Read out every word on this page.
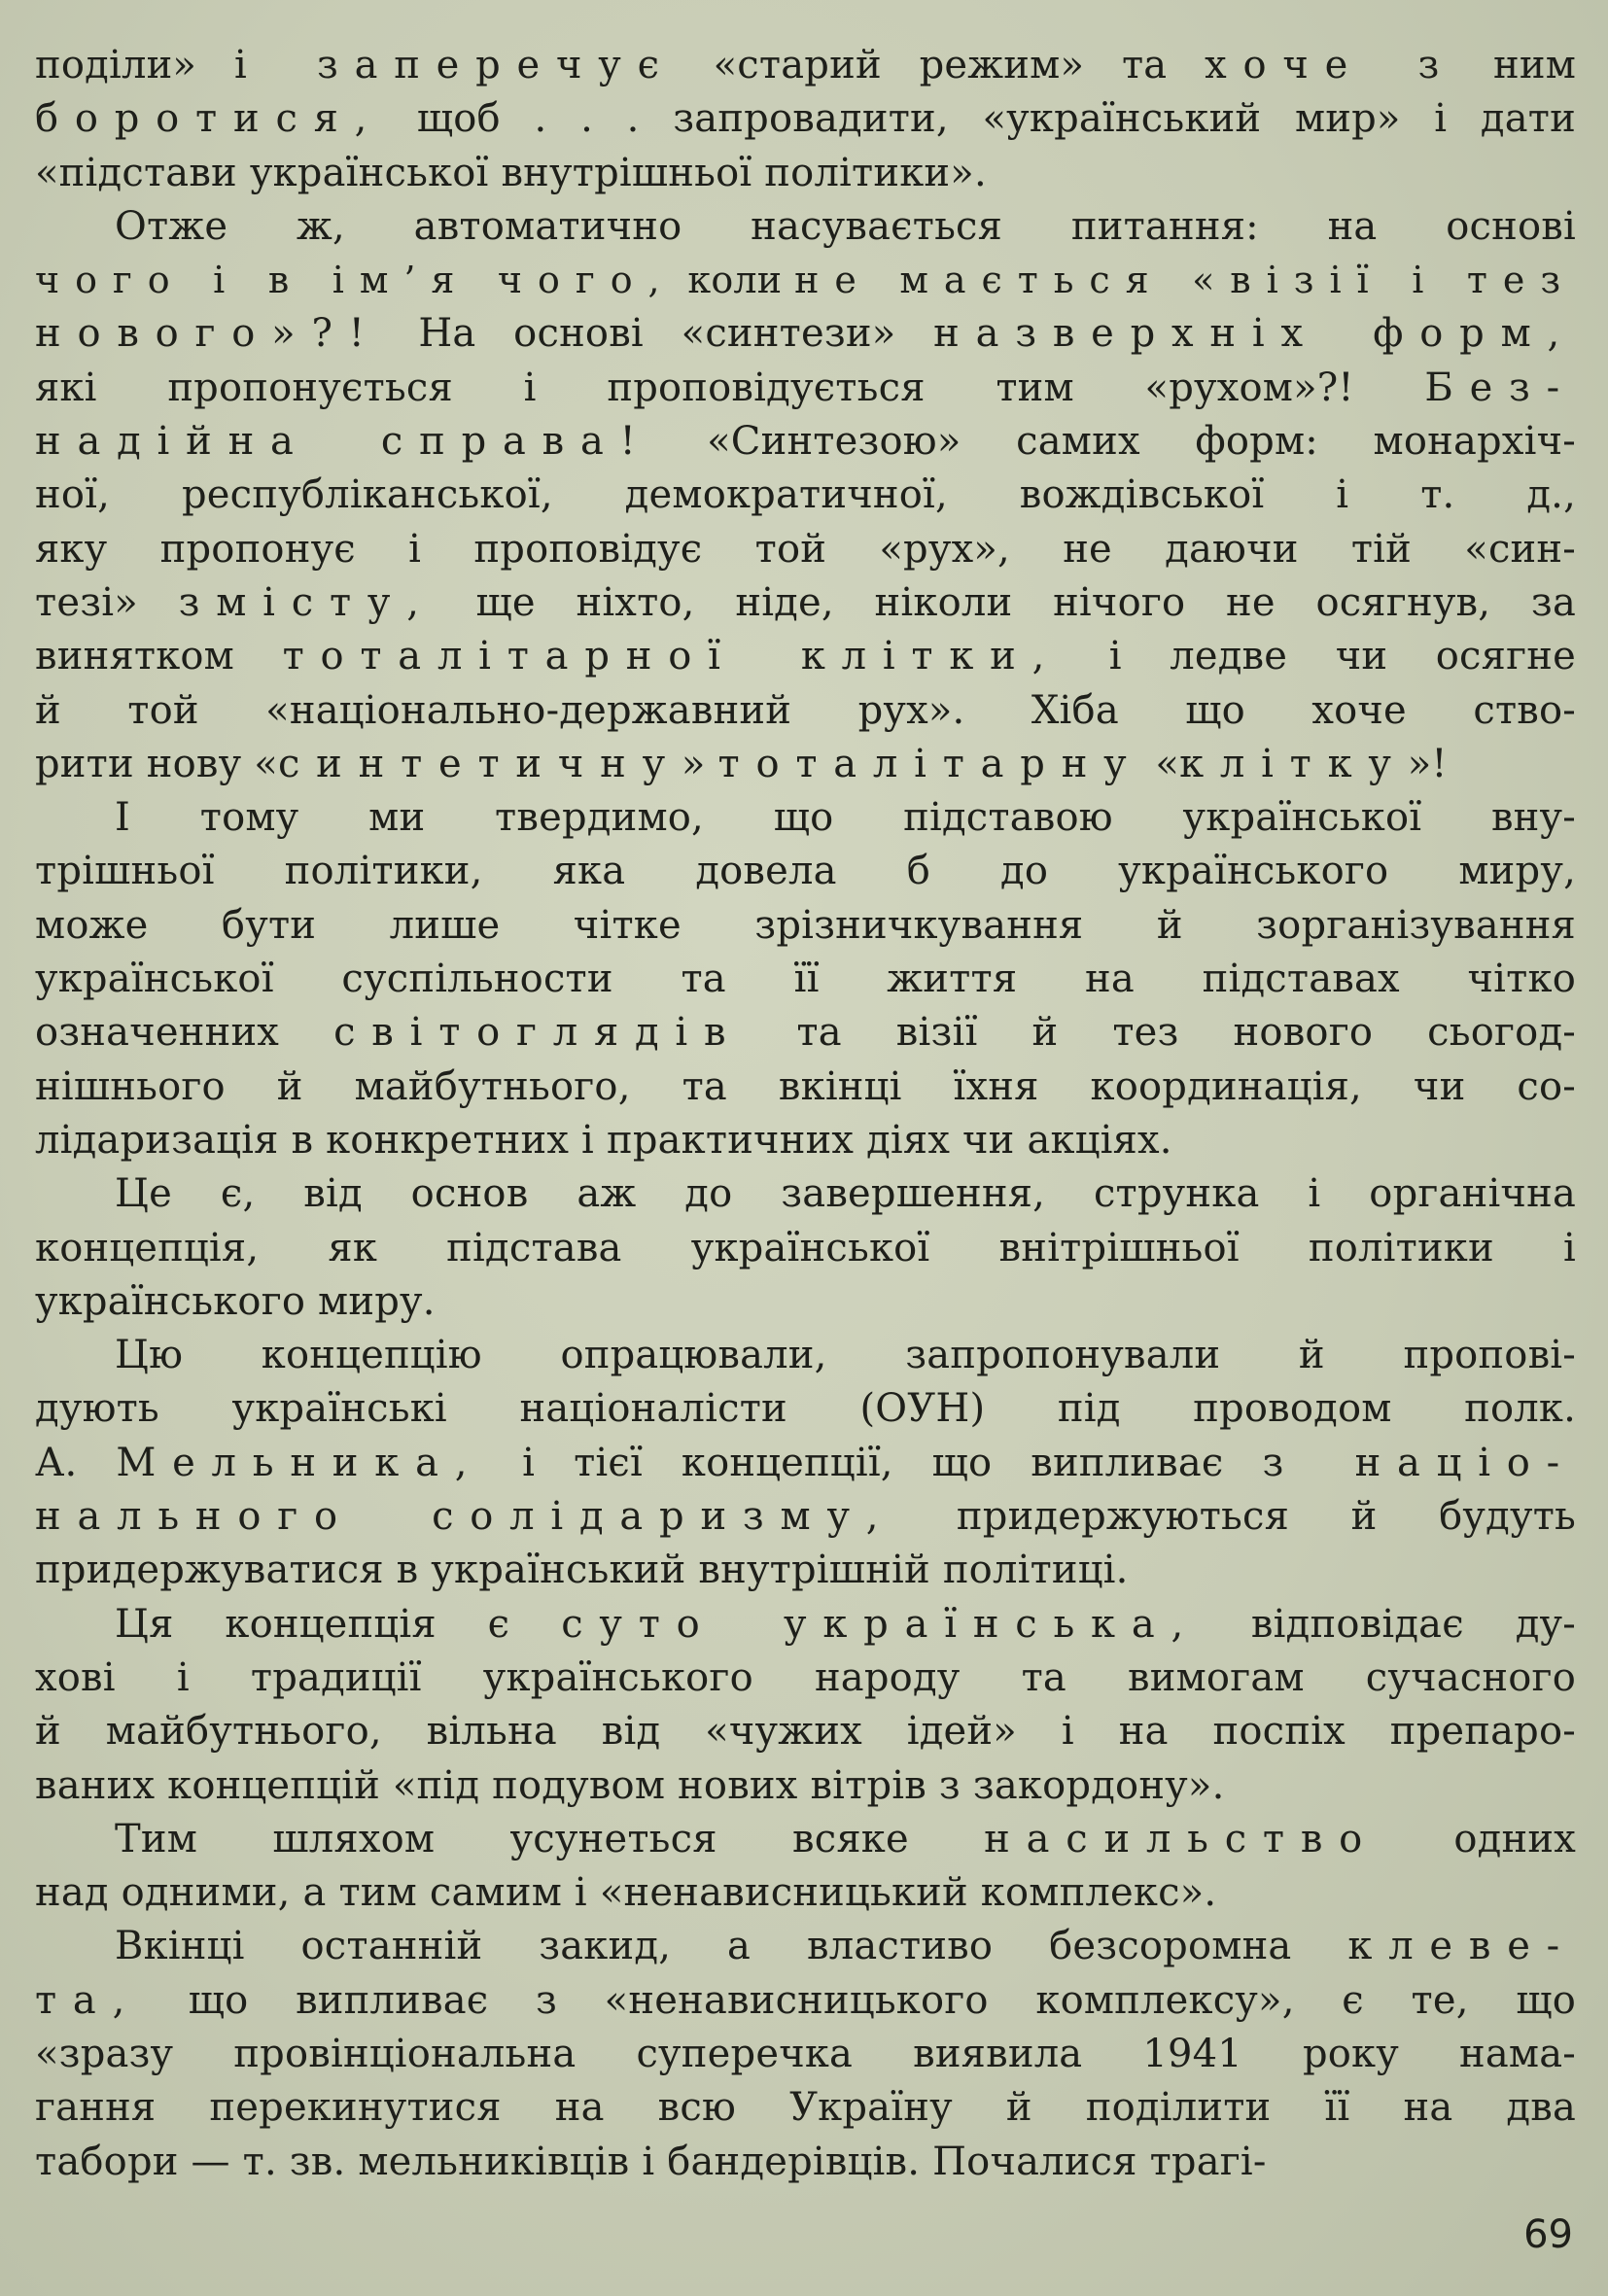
поділи» і заперечує «старий режим» та хоче з ним
боротися, щоб . . . запровадити, «український мир» і дати
«підстави української внутрішньої політики».
Отже ж, автоматично насувається питання: на основі
чого і в ім’я чого, коли не мається «візії і тез
нового»?! На основі «синтези» назверхніх форм,
які пропонується і проповідується тим «рухом»?! Без-
надійна справа! «Синтезою» самих форм: монархіч-
ної, республіканської, демократичної, вождівської і т. д.,
яку пропонує і проповідує той «рух», не даючи тій «син-
тезі» змісту, ще ніхто, ніде, ніколи нічого не осягнув, за
винятком тоталітарної клітки, і ледве чи осягне
й той «національно-державний рух». Хіба що хоче ство-
рити нову «синтетичну» тоталітарну «клітку»!
І тому ми твердимо, що підставою української вну-
трішньої політики, яка довела б до українського миру,
може бути лише чітке зрізничкування й зорганізування
української суспільности та її життя на підставах чітко
означенних світоглядів та візії й тез нового сьогод-
нішнього й майбутнього, та вкінці їхня координація, чи со-
лідаризація в конкретних і практичних діях чи акціях.
Це є, від основ аж до завершення, струнка і органічна
концепція, як підстава української внітрішньої політики і
українського миру.
Цю концепцію опрацювали, запропонували й пропові-
дують українські націоналісти (ОУН) під проводом полк.
А. Мельника, і тієї концепції, що випливає з націо-
нального солідаризму, придержуються й будуть
придержуватися в український внутрішній політиці.
Ця концепція є суто українська, відповідає ду-
хові і традиції українського народу та вимогам сучасного
й майбутнього, вільна від «чужих ідей» і на поспіх препаро-
ваних концепцій «під подувом нових вітрів з закордону».
Тим шляхом усунеться всяке насильство одних
над одними, а тим самим і «ненависницький комплекс».
Вкінці останній закид, а властиво безсоромна клеве-
та, що випливає з «ненависницького комплексу», є те, що
«зразу провінціональна суперечка виявила 1941 року нама-
гання перекинутися на всю Україну й поділити її на два
табори — т. зв. мельниківців і бандерівців. Почалися трагі-
69
